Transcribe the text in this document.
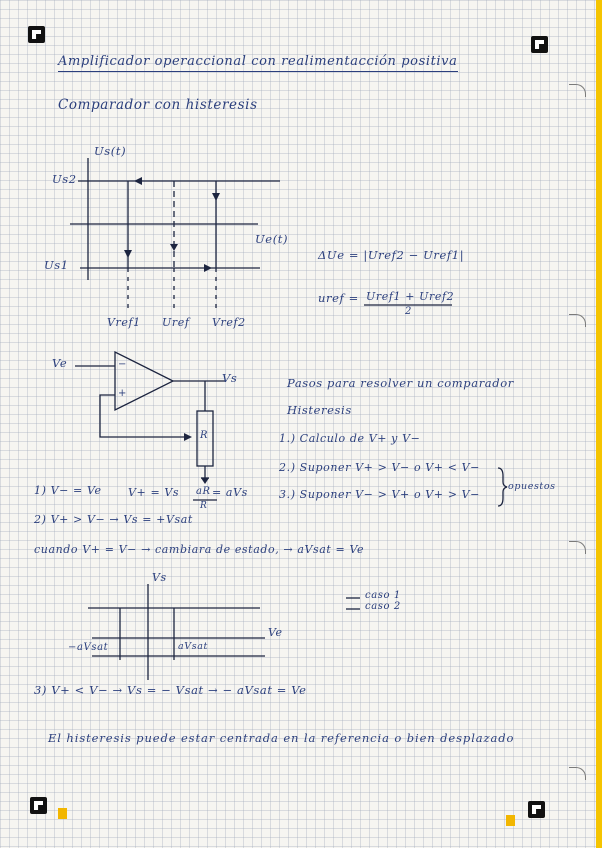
Amplificador operaccional con realimentacción positiva
Comparador con histeresis
Us(t)
Ue(t)
Us2
Us1
Vref1 Uref Vref2
ΔUe = |Uref2 − Uref1|
uref = Uref1 + Uref2
2
Ve
Vs
−
+
R
Pasos para resolver un comparador
Histeresis
1.) Calculo de V+ y V−
2.) Suponer V+ > V− o V+ < V−
3.) Suponer V− > V+ o V+ > V−
opuestos
1) V− = Ve V+ = Vs aR
R
= aVs
2) V+ > V− → Vs = +Vsat
cuando V+ = V− → cambiara de estado, → aVsat = Ve
Vs
Ve
−aVsat	aVsat
caso 1
caso 2
3) V+ < V− → Vs = − Vsat → − aVsat = Ve
El histeresis puede estar centrada en la referencia o bien desplazado
